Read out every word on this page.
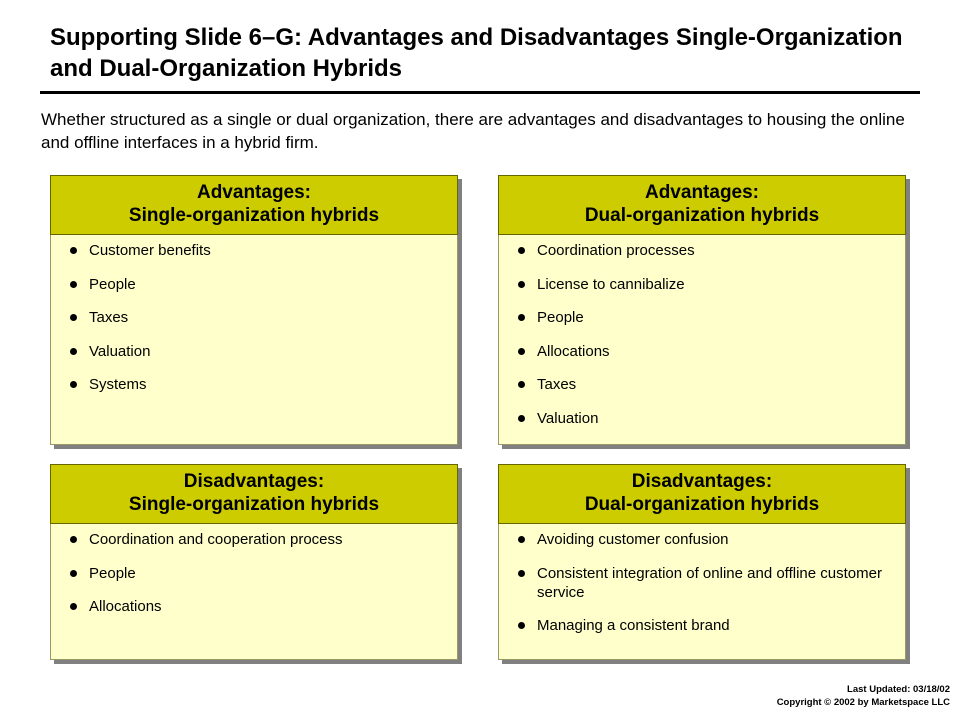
Supporting Slide 6–G: Advantages and Disadvantages Single-Organization and Dual-Organization Hybrids
Whether structured as a single or dual organization, there are advantages and disadvantages to housing the online and offline interfaces in a hybrid firm.
Advantages:
Single-organization hybrids
Customer benefits
People
Taxes
Valuation
Systems
Advantages:
Dual-organization hybrids
Coordination processes
License to cannibalize
People
Allocations
Taxes
Valuation
Disadvantages:
Single-organization hybrids
Coordination and cooperation process
People
Allocations
Disadvantages:
Dual-organization hybrids
Avoiding customer confusion
Consistent integration of online and offline customer service
Managing a consistent brand
Last Updated: 03/18/02
Copyright © 2002 by Marketspace LLC
